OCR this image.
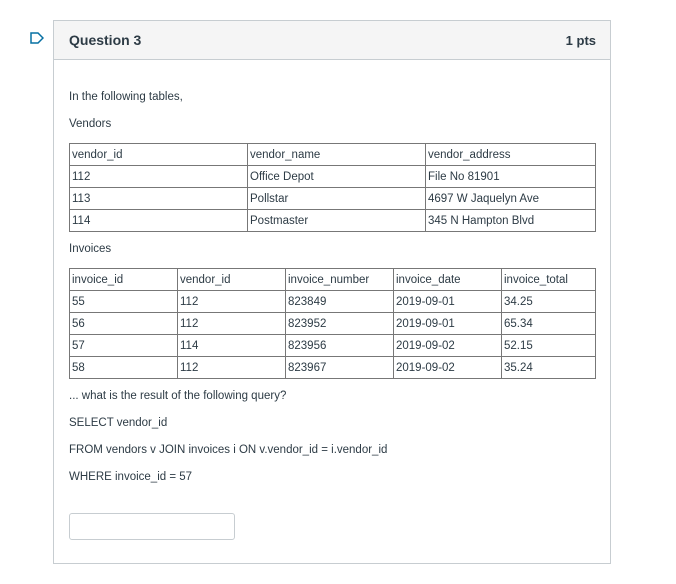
Question 3	1 pts
In the following tables,
Vendors
vendor_id	vendor_name	vendor_address
112	Office Depot	File No 81901
113	Pollstar	4697 W Jaquelyn Ave
114	Postmaster	345 N Hampton Blvd
Invoices
invoice_id	vendor_id	invoice_number	invoice_date	invoice_total
55	112	823849	2019-09-01	34.25
56	112	823952	2019-09-01	65.34
57	114	823956	2019-09-02	52.15
58	112	823967	2019-09-02	35.24
... what is the result of the following query?
SELECT vendor_id
FROM vendors v JOIN invoices i ON v.vendor_id = i.vendor_id
WHERE invoice_id = 57
